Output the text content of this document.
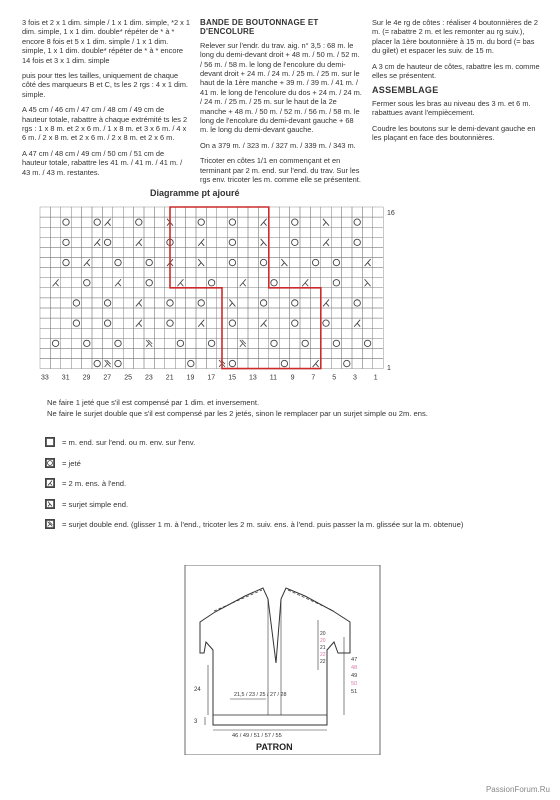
3 fois et 2 x 1 dim. simple / 1 x 1 dim. simple, *2 x 1 dim. simple, 1 x 1 dim. double* répéter de * à * encore 8 fois et 5 x 1 dim. simple / 1 x 1 dim. simple, 1 x 1 dim. double* répéter de * à * encore 14 fois et 3 x 1 dim. simple

puis pour ttes les tailles, uniquement de chaque côté des marqueurs B et C, ts les 2 rgs : 4 x 1 dim. simple.

A 45 cm / 46 cm / 47 cm / 48 cm / 49 cm de hauteur totale, rabattre à chaque extrémité ts les 2 rgs : 1 x 8 m. et 2 x 6 m. / 1 x 8 m. et 3 x 6 m. / 4 x 6 m. / 2 x 8 m. et 2 x 6 m. / 2 x 8 m. et 2 x 6 m.

A 47 cm / 48 cm / 49 cm / 50 cm / 51 cm de hauteur totale, rabattre les 41 m. / 41 m. / 41 m. / 43 m. / 43 m. restantes.

BANDE DE BOUTONNAGE ET D'ENCOLURE

Relever sur l'endr. du trav. aig. n° 3,5 : 68 m. le long du demi-devant droit + 48 m. / 50 m. / 52 m. / 56 m. / 58 m. le long de l'encolure du demi-devant droit + 24 m. / 24 m. / 25 m. / 25 m. sur le haut de la 1ère manche + 39 m. / 39 m. / 41 m. / 41 m. le long de l'encolure du dos + 24 m. / 24 m. / 24 m. / 25 m. / 25 m. sur le haut de la 2e manche + 48 m. / 50 m. / 52 m. / 56 m. / 58 m. le long de l'encolure du demi-devant gauche + 68 m. le long du demi-devant gauche.

On a 379 m. / 323 m. / 327 m. / 339 m. / 343 m.

Tricoter en côtes 1/1 en commençant et en terminant par 2 m. end. sur l'end. du trav. Sur les rgs env. tricoter les m. comme elle se présentent.

Sur le 4e rg de côtes : réaliser 4 boutonnières de 2 m. (= rabattre 2 m. et les remonter au rg suiv.), placer la 1ère boutonnière à 15 m. du bord (= bas du gilet) et espacer les suiv. de 15 m.

A 3 cm de hauteur de côtes, rabattre les m. comme elles se présentent.

ASSEMBLAGE

Fermer sous les bras au niveau des 3 m. et 6 m. rabattues avant l'empiècement.

Coudre les boutons sur le demi-devant gauche en les plaçant en face des boutonnières.

Diagramme pt ajouré
16
1
33 31 29 27 25 23 21 19 17 15 13 11 9 7 5 3 1

Ne faire 1 jeté que s'il est compensé par 1 dim. et inversement.

Ne faire le surjet double que s'il est compensé par les 2 jetés, sinon le remplacer par un surjet simple ou 2m. ens.

= m. end. sur l'end. ou m. env. sur l'env.
= jeté
= 2 m. ens. à l'end.
= surjet simple end.
= surjet double end. (glisser 1 m. à l'end., tricoter les 2 m. suiv. ens. à l'end. puis passer la m. glissée sur la m. obtenue)
24
3
21,5 / 23 / 25 / 27 / 28
46 / 49 / 51 / 57 / 55
47
48
49
50
51
20
20
21
22
22
PATRON
PassionForum.Ru
